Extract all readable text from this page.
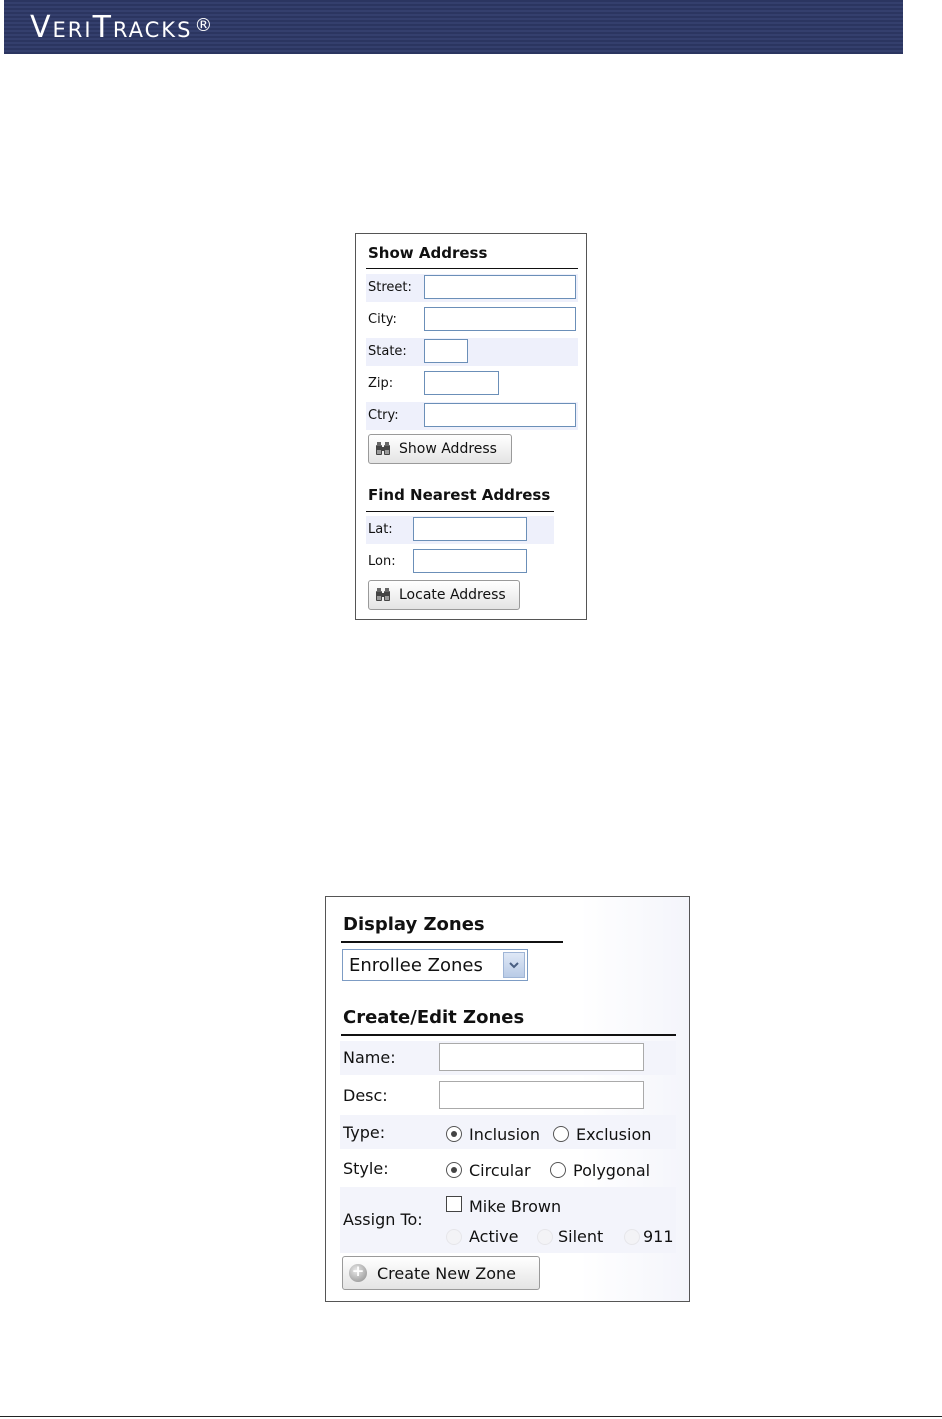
VeriTracks ®
Show Address
Street:
City:
State:
Zip:
Ctry:
Show Address
Find Nearest Address
Lat:
Lon:
Locate Address
Display Zones
Enrollee Zones
Create/Edit Zones
Name:
Desc:
Type:	Inclusion Exclusion
Style:	Circular	Polygonal
Assign To:
Mike Brown
Active Silent 911
+
Create New Zone
